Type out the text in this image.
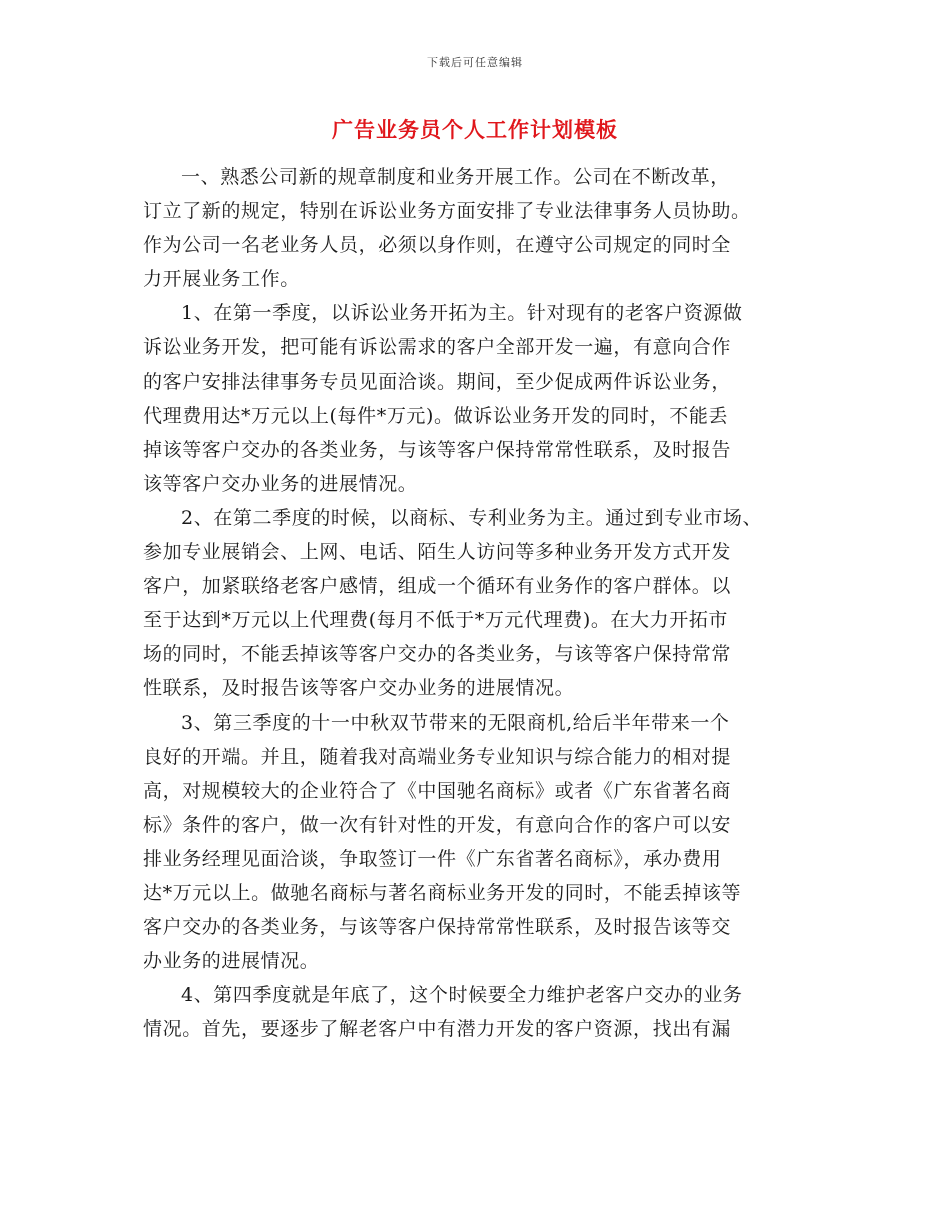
下载后可任意编辑
广告业务员个人工作计划模板
一、熟悉公司新的规章制度和业务开展工作。公司在不断改革，
订立了新的规定，特别在诉讼业务方面安排了专业法律事务人员协助。
作为公司一名老业务人员，必须以身作则，在遵守公司规定的同时全
力开展业务工作。
1、在第一季度，以诉讼业务开拓为主。针对现有的老客户资源做
诉讼业务开发，把可能有诉讼需求的客户全部开发一遍，有意向合作
的客户安排法律事务专员见面洽谈。期间，至少促成两件诉讼业务，
代理费用达*万元以上(每件*万元)。做诉讼业务开发的同时，不能丢
掉该等客户交办的各类业务，与该等客户保持常常性联系，及时报告
该等客户交办业务的进展情况。
2、在第二季度的时候，以商标、专利业务为主。通过到专业市场、
参加专业展销会、上网、电话、陌生人访问等多种业务开发方式开发
客户，加紧联络老客户感情，组成一个循环有业务作的客户群体。以
至于达到*万元以上代理费(每月不低于*万元代理费)。在大力开拓市
场的同时，不能丢掉该等客户交办的各类业务，与该等客户保持常常
性联系，及时报告该等客户交办业务的进展情况。
3、第三季度的十一中秋双节带来的无限商机,给后半年带来一个
良好的开端。并且，随着我对高端业务专业知识与综合能力的相对提
高，对规模较大的企业符合了《中国驰名商标》或者《广东省著名商
标》条件的客户，做一次有针对性的开发，有意向合作的客户可以安
排业务经理见面洽谈，争取签订一件《广东省著名商标》，承办费用
达*万元以上。做驰名商标与著名商标业务开发的同时，不能丢掉该等
客户交办的各类业务，与该等客户保持常常性联系，及时报告该等交
办业务的进展情况。
4、第四季度就是年底了，这个时候要全力维护老客户交办的业务
情况。首先，要逐步了解老客户中有潜力开发的客户资源，找出有漏
